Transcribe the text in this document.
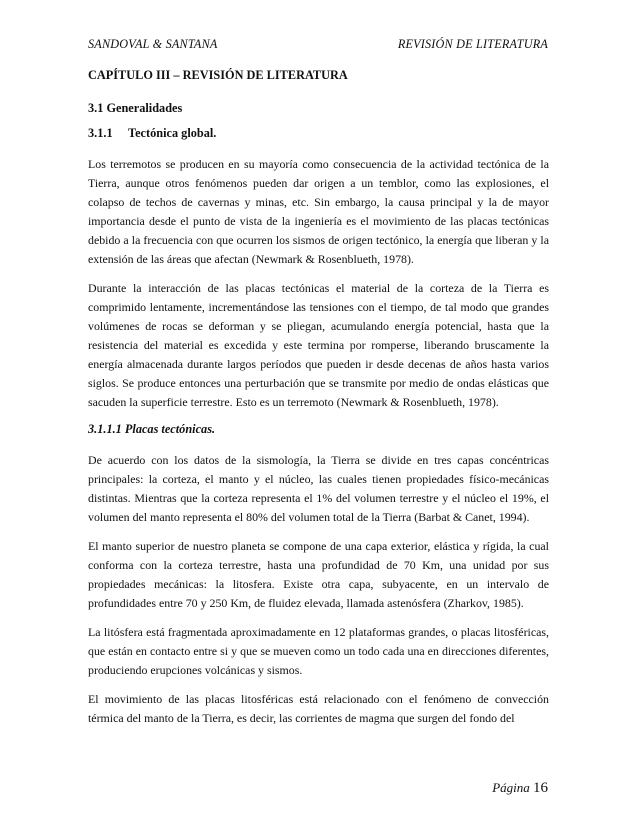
SANDOVAL & SANTANA	REVISIÓN DE LITERATURA
CAPÍTULO III – REVISIÓN DE LITERATURA
3.1 Generalidades
3.1.1 Tectónica global.

Los terremotos se producen en su mayoría como consecuencia de la actividad tectónica de la Tierra, aunque otros fenómenos pueden dar origen a un temblor, como las explosiones, el colapso de techos de cavernas y minas, etc. Sin embargo, la causa principal y la de mayor importancia desde el punto de vista de la ingeniería es el movimiento de las placas tectónicas debido a la frecuencia con que ocurren los sismos de origen tectónico, la energía que liberan y la extensión de las áreas que afectan (Newmark & Rosenblueth, 1978).

Durante la interacción de las placas tectónicas el material de la corteza de la Tierra es comprimido lentamente, incrementándose las tensiones con el tiempo, de tal modo que grandes volúmenes de rocas se deforman y se pliegan, acumulando energía potencial, hasta que la resistencia del material es excedida y este termina por romperse, liberando bruscamente la energía almacenada durante largos períodos que pueden ir desde decenas de años hasta varios siglos. Se produce entonces una perturbación que se transmite por medio de ondas elásticas que sacuden la superficie terrestre. Esto es un terremoto (Newmark & Rosenblueth, 1978).

3.1.1.1 Placas tectónicas.

De acuerdo con los datos de la sismología, la Tierra se divide en tres capas concéntricas principales: la corteza, el manto y el núcleo, las cuales tienen propiedades físico-mecánicas distintas. Mientras que la corteza representa el 1% del volumen terrestre y el núcleo el 19%, el volumen del manto representa el 80% del volumen total de la Tierra (Barbat & Canet, 1994).

El manto superior de nuestro planeta se compone de una capa exterior, elástica y rígida, la cual conforma con la corteza terrestre, hasta una profundidad de 70 Km, una unidad por sus propiedades mecánicas: la litosfera. Existe otra capa, subyacente, en un intervalo de profundidades entre 70 y 250 Km, de fluidez elevada, llamada astenósfera (Zharkov, 1985).

La litósfera está fragmentada aproximadamente en 12 plataformas grandes, o placas litosféricas, que están en contacto entre si y que se mueven como un todo cada una en direcciones diferentes, produciendo erupciones volcánicas y sismos.

El movimiento de las placas litosféricas está relacionado con el fenómeno de convección térmica del manto de la Tierra, es decir, las corrientes de magma que surgen del fondo del

Página 16
